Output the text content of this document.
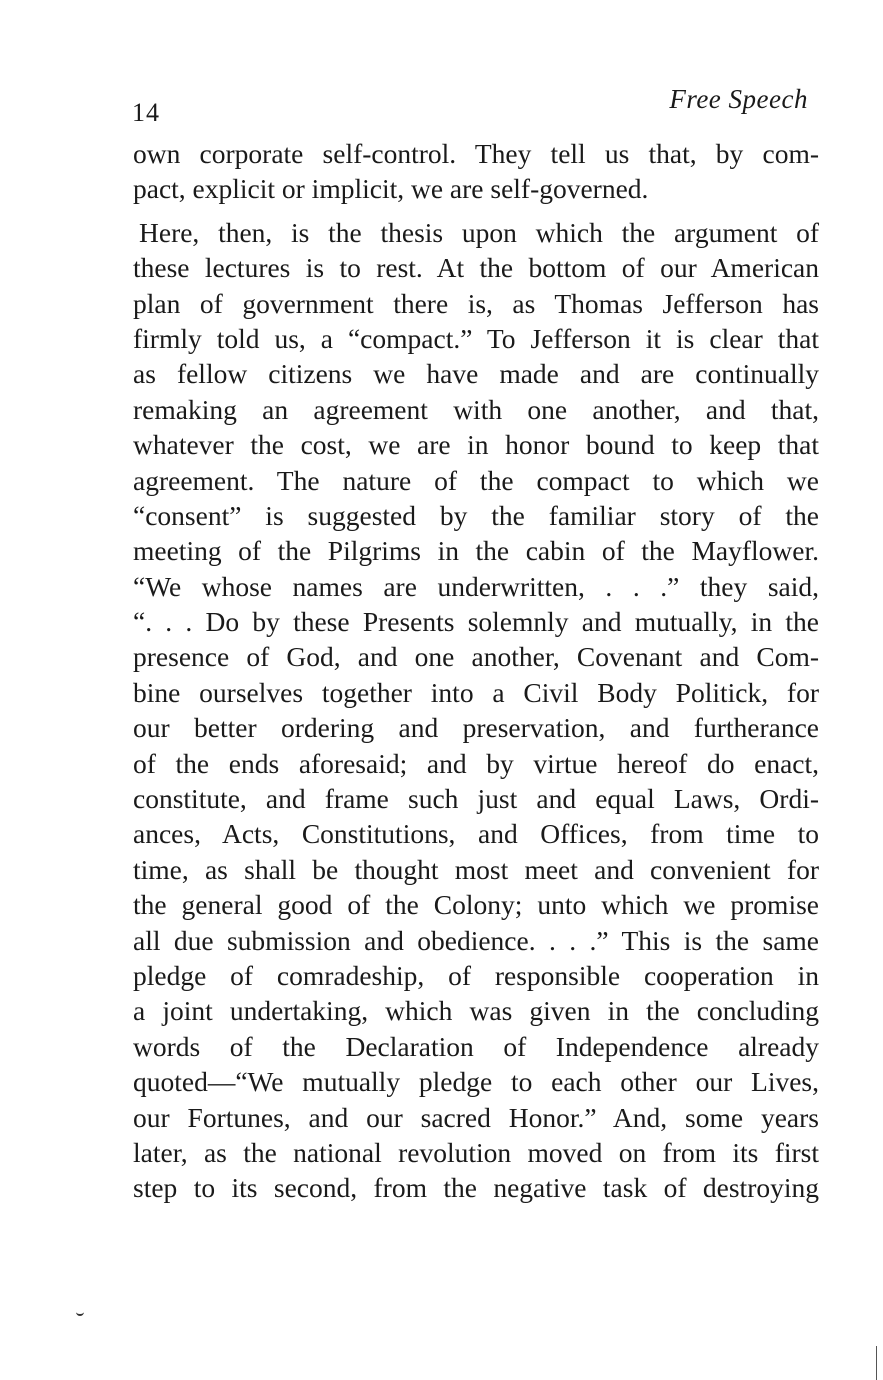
14	Free Speech
own corporate self-control. They tell us that, by com-
pact, explicit or implicit, we are self-governed.
Here, then, is the thesis upon which the argument of
these lectures is to rest. At the bottom of our American
plan of government there is, as Thomas Jefferson has
firmly told us, a “compact.” To Jefferson it is clear that
as fellow citizens we have made and are continually
remaking an agreement with one another, and that,
whatever the cost, we are in honor bound to keep that
agreement. The nature of the compact to which we
“consent” is suggested by the familiar story of the
meeting of the Pilgrims in the cabin of the Mayflower.
“We whose names are underwritten, . . .” they said,
“. . . Do by these Presents solemnly and mutually, in the
presence of God, and one another, Covenant and Com-
bine ourselves together into a Civil Body Politick, for
our better ordering and preservation, and furtherance
of the ends aforesaid; and by virtue hereof do enact,
constitute, and frame such just and equal Laws, Ordi-
ances, Acts, Constitutions, and Offices, from time to
time, as shall be thought most meet and convenient for
the general good of the Colony; unto which we promise
all due submission and obedience. . . .” This is the same
pledge of comradeship, of responsible cooperation in
a joint undertaking, which was given in the concluding
words of the Declaration of Independence already
quoted—“We mutually pledge to each other our Lives,
our Fortunes, and our sacred Honor.” And, some years
later, as the national revolution moved on from its first
step to its second, from the negative task of destroying
